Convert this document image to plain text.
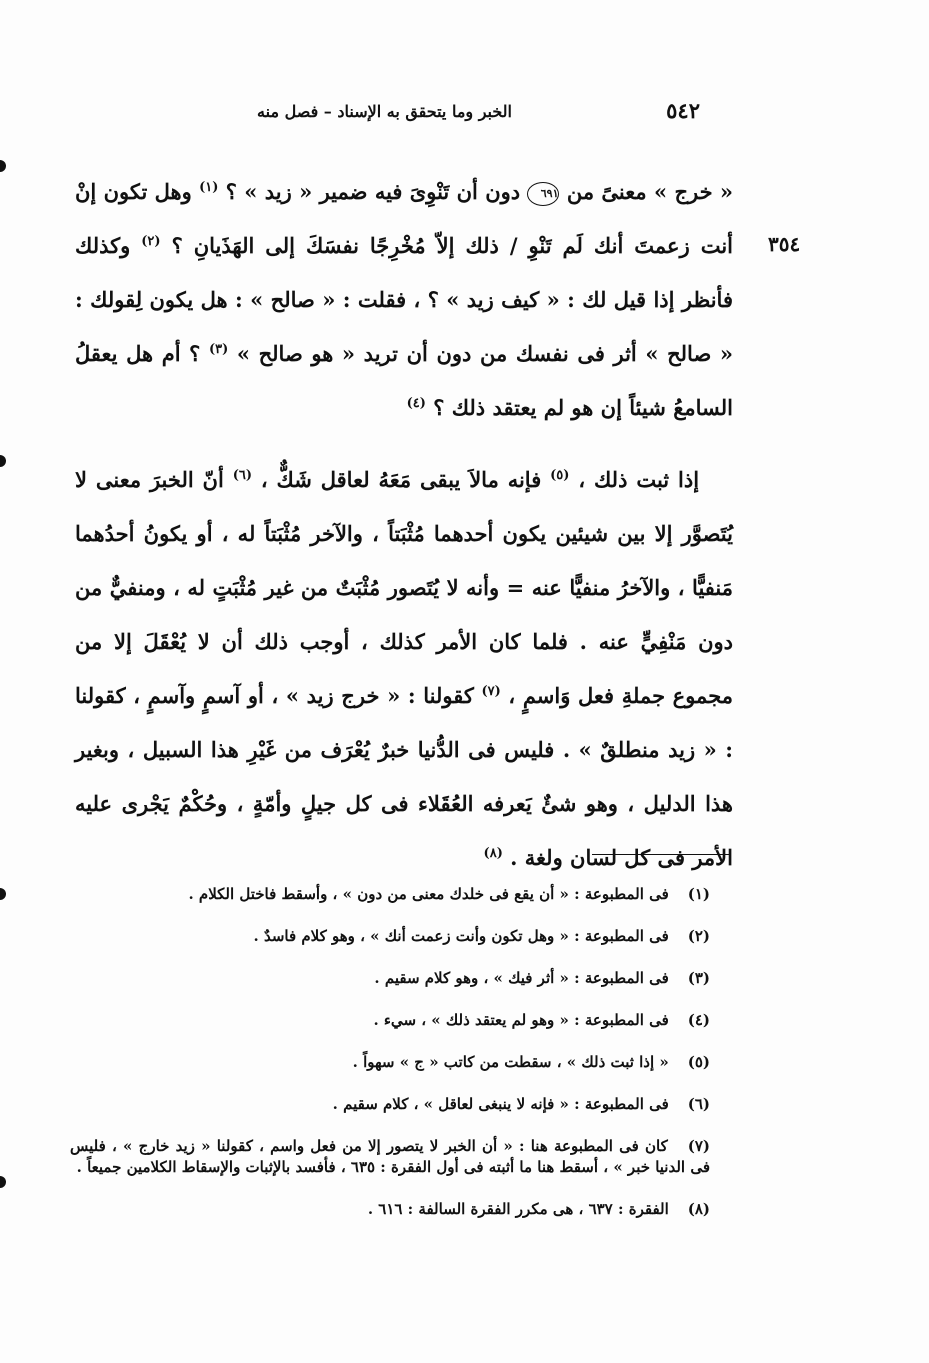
٥٤٢
الخبر وما يتحقق به الإسناد – فصل منه
٣٥٤

« خرج » معنىً من ٦٩١ دون أن تَنْوِىَ فيه ضمير « زيد » ؟ $^{(١)}$ وهل تكون إنْ أنت زعمتَ أنك لَم تَنْوِ / ذلك إلاّ مُخْرِجًا نفسَكَ إلى الهَذَيانِ ؟ $^{(٢)}$ وكذلك فأنظر إذا قيل لك : « كيف زيد » ؟ ، فقلت : « صالح » : هل يكون لِقولك : « صالح » أثر فى نفسك من دون أن تريد « هو صالح » $^{(٣)}$ ؟ أم هل يعقلُ السامعُ شيئاً إن هو لم يعتقد ذلك ؟ $^{(٤)}$

إذا ثبت ذلك ، $^{(٥)}$ فإنه مالاَ يبقى مَعَهُ لعاقل شَكٌّ ، $^{(٦)}$ أنّ الخبرَ معنى لا يُتَصوَّر إلا بين شيئين يكون أحدهما مُثْبَتاً ، والآخر مُثْبَتاً له ، أو يكونُ أحدُهما مَنفيًّا ، والآخرُ منفيًّا عنه = وأنه لا يُتَصور مُثْبَتٌ من غير مُثْبَتٍ له ، ومنفيٌّ من دون مَنْفِيٍّ عنه . فلما كان الأمر كذلك ، أوجب ذلك أن لا يُعْقَلَ إلا من مجموع جملةِ فعل وَاسمٍ ، $^{(٧)}$ كقولنا : « خرج زيد » ، أو آسمٍ وآسمٍ ، كقولنا : « زيد منطلقٌ » . فليس فى الدُّنيا خبرٌ يُعْرَف من غَيْرِ هذا السبيل ، وبغير هذا الدليل ، وهو شئٌ يَعرفه العُقَلاء فى كل جيلٍ وأمّةٍ ، وحُكْمٌ يَجْرى عليه الأمر فى كل لسان ولغة . $^{(٨)}$

(١) فى المطبوعة : « أن يقع فى خلدك معنى من دون » ، وأسقط فاختل الكلام .

(٢) فى المطبوعة : « وهل تكون وأنت زعمت أنك » ، وهو كلام فاسدٌ .

(٣) فى المطبوعة : « أثر فيك » ، وهو كلام سقيم .

(٤) فى المطبوعة : « وهو لم يعتقد ذلك » ، سيء .

(٥) « إذا ثبت ذلك » ، سقطت من كاتب « ج » سهواً .

(٦) فى المطبوعة : « فإنه لا ينبغى لعاقل » ، كلام سقيم .

(٧) كان فى المطبوعة هنا : « أن الخبر لا يتصور إلا من فعل واسم ، كقولنا « زيد خارج » ، فليس فى الدنيا خبر » ، أسقط هنا ما أثبته فى أول الفقرة : ٦٣٥ ، فأفسد بالإثبات والإسقاط الكلامين جميعاً .

(٨) الفقرة : ٦٣٧ ، هى مكرر الفقرة السالفة : ٦١٦ .
